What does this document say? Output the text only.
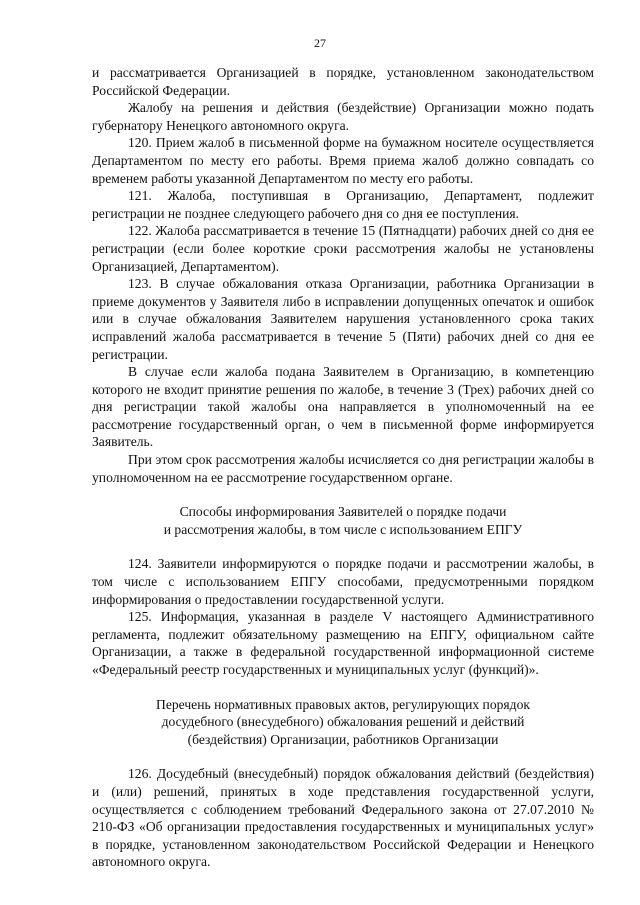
27

и рассматривается Организацией в порядке, установленном законодательством Российской Федерации.

Жалобу на решения и действия (бездействие) Организации можно подать губернатору Ненецкого автономного округа.

120. Прием жалоб в письменной форме на бумажном носителе осуществляется Департаментом по месту его работы. Время приема жалоб должно совпадать со временем работы указанной Департаментом по месту его работы.

121. Жалоба, поступившая в Организацию, Департамент, подлежит регистрации не позднее следующего рабочего дня со дня ее поступления.

122. Жалоба рассматривается в течение 15 (Пятнадцати) рабочих дней со дня ее регистрации (если более короткие сроки рассмотрения жалобы не установлены Организацией, Департаментом).

123. В случае обжалования отказа Организации, работника Организации в приеме документов у Заявителя либо в исправлении допущенных опечаток и ошибок или в случае обжалования Заявителем нарушения установленного срока таких исправлений жалоба рассматривается в течение 5 (Пяти) рабочих дней со дня ее регистрации.

В случае если жалоба подана Заявителем в Организацию, в компетенцию которого не входит принятие решения по жалобе, в течение 3 (Трех) рабочих дней со дня регистрации такой жалобы она направляется в уполномоченный на ее рассмотрение государственный орган, о чем в письменной форме информируется Заявитель.

При этом срок рассмотрения жалобы исчисляется со дня регистрации жалобы в уполномоченном на ее рассмотрение государственном органе.

Способы информирования Заявителей о порядке подачи
и рассмотрения жалобы, в том числе с использованием ЕПГУ

124. Заявители информируются о порядке подачи и рассмотрении жалобы, в том числе с использованием ЕПГУ способами, предусмотренными порядком информирования о предоставлении государственной услуги.

125. Информация, указанная в разделе V настоящего Административного регламента, подлежит обязательному размещению на ЕПГУ, официальном сайте Организации, а также в федеральной государственной информационной системе «Федеральный реестр государственных и муниципальных услуг (функций)».

Перечень нормативных правовых актов, регулирующих порядок
досудебного (внесудебного) обжалования решений и действий
(бездействия) Организации, работников Организации

126. Досудебный (внесудебный) порядок обжалования действий (бездействия) и (или) решений, принятых в ходе представления государственной услуги, осуществляется с соблюдением требований Федерального закона от 27.07.2010 № 210-ФЗ «Об организации предоставления государственных и муниципальных услуг» в порядке, установленном законодательством Российской Федерации и Ненецкого автономного округа.
